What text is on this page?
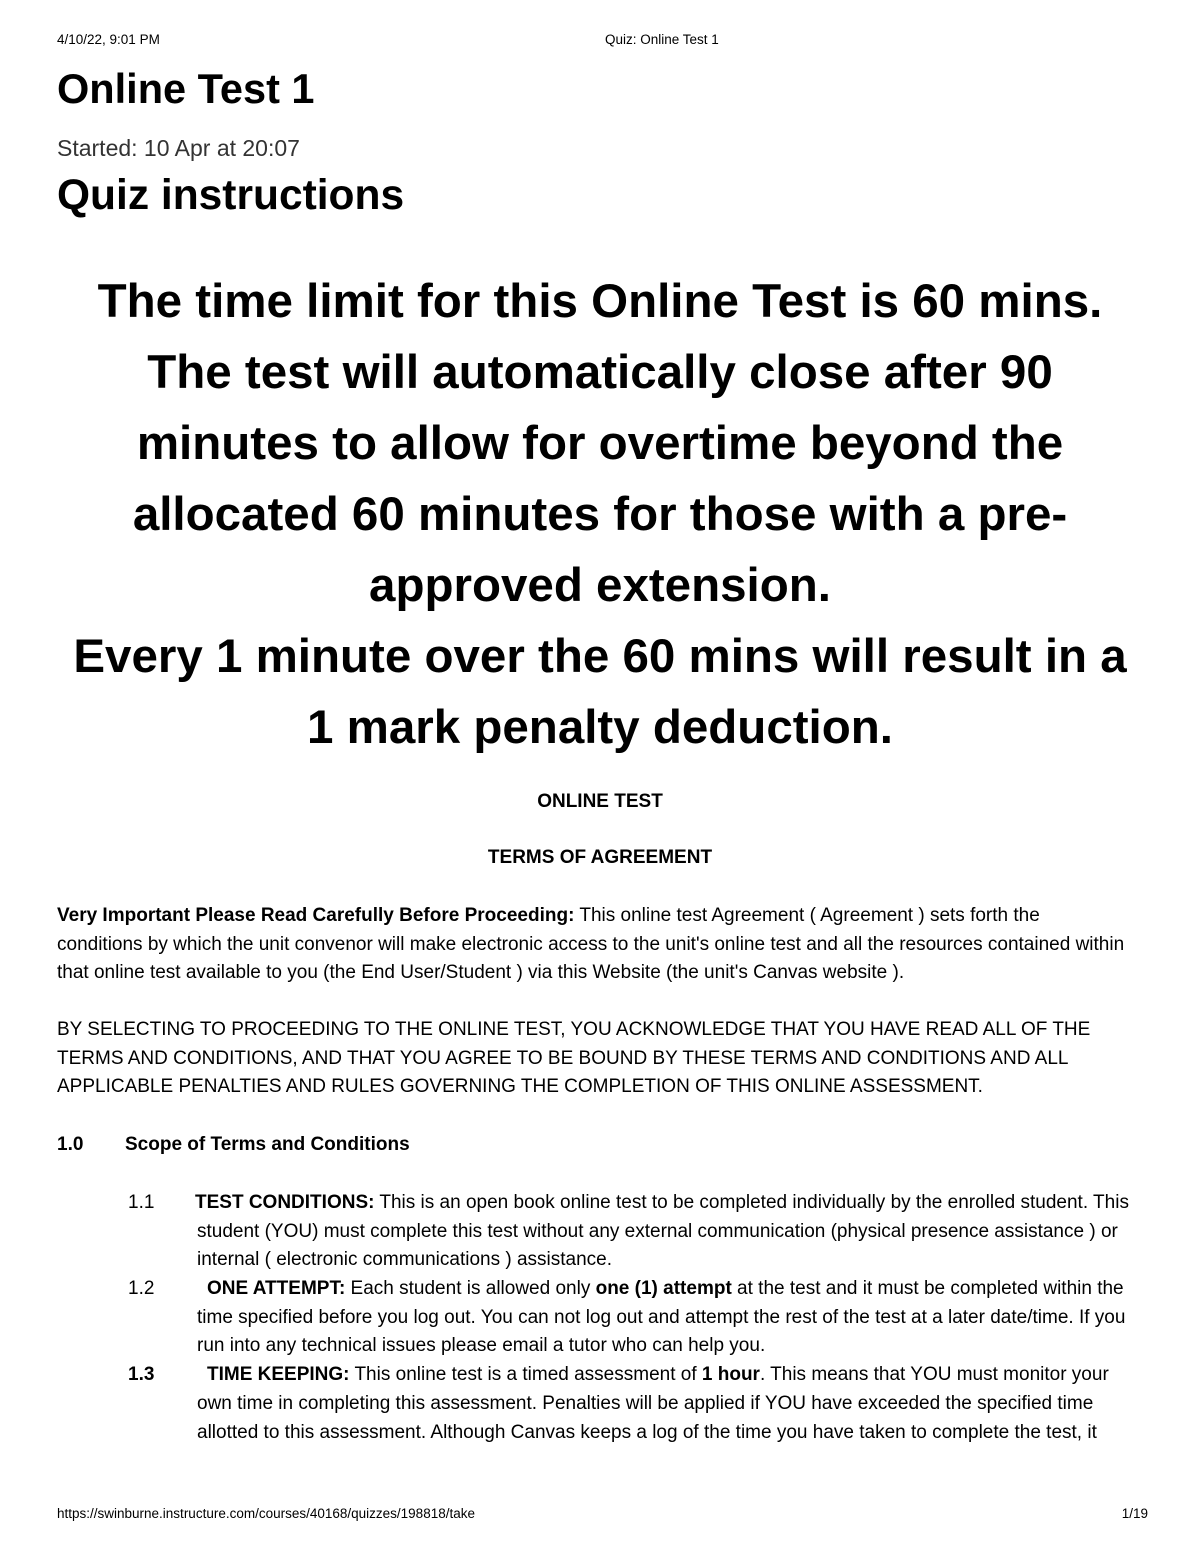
4/10/22, 9:01 PM	Quiz: Online Test 1
Online Test 1
Started: 10 Apr at 20:07
Quiz instructions
The time limit for this Online Test is 60 mins.
The test will automatically close after 90
minutes to allow for overtime beyond the
allocated 60 minutes for those with a pre-
approved extension.
Every 1 minute over the 60 mins will result in a
1 mark penalty deduction.
ONLINE TEST
TERMS OF AGREEMENT
Very Important Please Read Carefully Before Proceeding: This online test Agreement ( Agreement ) sets forth the
conditions by which the unit convenor will make electronic access to the unit's online test and all the resources contained within
that online test available to you (the End User/Student ) via this Website (the unit's Canvas website ).
BY SELECTING TO PROCEEDING TO THE ONLINE TEST, YOU ACKNOWLEDGE THAT YOU HAVE READ ALL OF THE
TERMS AND CONDITIONS, AND THAT YOU AGREE TO BE BOUND BY THESE TERMS AND CONDITIONS AND ALL
APPLICABLE PENALTIES AND RULES GOVERNING THE COMPLETION OF THIS ONLINE ASSESSMENT.
1.0 Scope of Terms and Conditions
1.1 TEST CONDITIONS: This is an open book online test to be completed individually by the enrolled student. This
student (YOU) must complete this test without any external communication (physical presence assistance ) or
internal ( electronic communications ) assistance.
1.2	ONE ATTEMPT: Each student is allowed only one (1) attempt at the test and it must be completed within the
time specified before you log out. You can not log out and attempt the rest of the test at a later date/time. If you
run into any technical issues please email a tutor who can help you.
1.3	TIME KEEPING: This online test is a timed assessment of 1 hour. This means that YOU must monitor your
own time in completing this assessment. Penalties will be applied if YOU have exceeded the specified time
allotted to this assessment. Although Canvas keeps a log of the time you have taken to complete the test, it
https://swinburne.instructure.com/courses/40168/quizzes/198818/take	1/19
